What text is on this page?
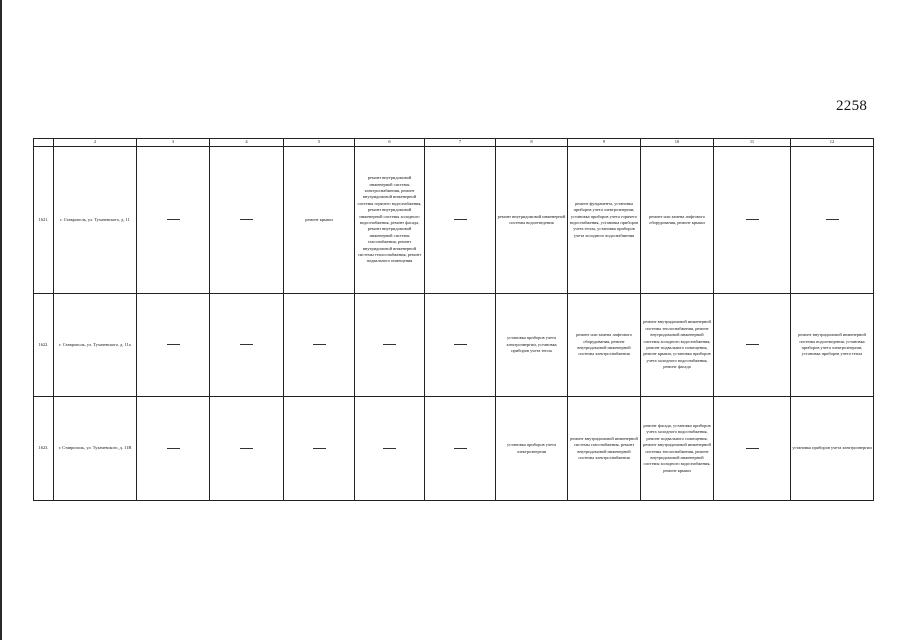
2258
	2	3	4	5	6	7	8	9	10	11	12
1621.	г. Ставрополь, ул. Тухачевского, д. 11			ремонт крыши	ремонт внутридомовой инженерной системы электроснабжения, ремонт внутридомовой инженерной системы горячего водоснабжения, ремонт внутридомовой инженерной системы холодного водоснабжения, ремонт фасада, ремонт внутридомовой инженерной системы газоснабжения, ремонт внутридомовой инженерной системы теплоснабжения, ремонт подвального помещения		ремонт внутридомовой инженерной системы водоотведения	ремонт фундамента, установка приборов учета электроэнергии, установка приборов учета горячего водоснабжения, установка приборов учета тепла, установка приборов учета холодного водоснабжения	ремонт или замена лифтового оборудования, ремонт крыши		
1622.	г. Ставрополь, ул. Тухачевского, д. 11а						установка приборов учета электроэнергии, установка приборов учета тепла	ремонт или замена лифтового оборудования, ремонт внутридомовой инженерной системы электроснабжения	ремонт внутридомовой инженерной системы теплоснабжения, ремонт внутридомовой инженерной системы холодного водоснабжения, ремонт подвального помещения, ремонт крыши, установка приборов учета холодного водоснабжения, ремонт фасада		ремонт внутридомовой инженерной системы водоотведения, установка приборов учета электроэнергии, установка приборов учета тепла
1623.	г. Ставрополь, ул. Тухачевского, д. 11В						установка приборов учета электроэнергии	ремонт внутридомовой инженерной системы газоснабжения, ремонт внутридомовой инженерной системы электроснабжения	ремонт фасада, установка приборов учета холодного водоснабжения, ремонт подвального помещения, ремонт внутридомовой инженерной системы теплоснабжения, ремонт внутридомовой инженерной системы холодного водоснабжения, ремонт крыши		установка приборов учета электроэнергии
